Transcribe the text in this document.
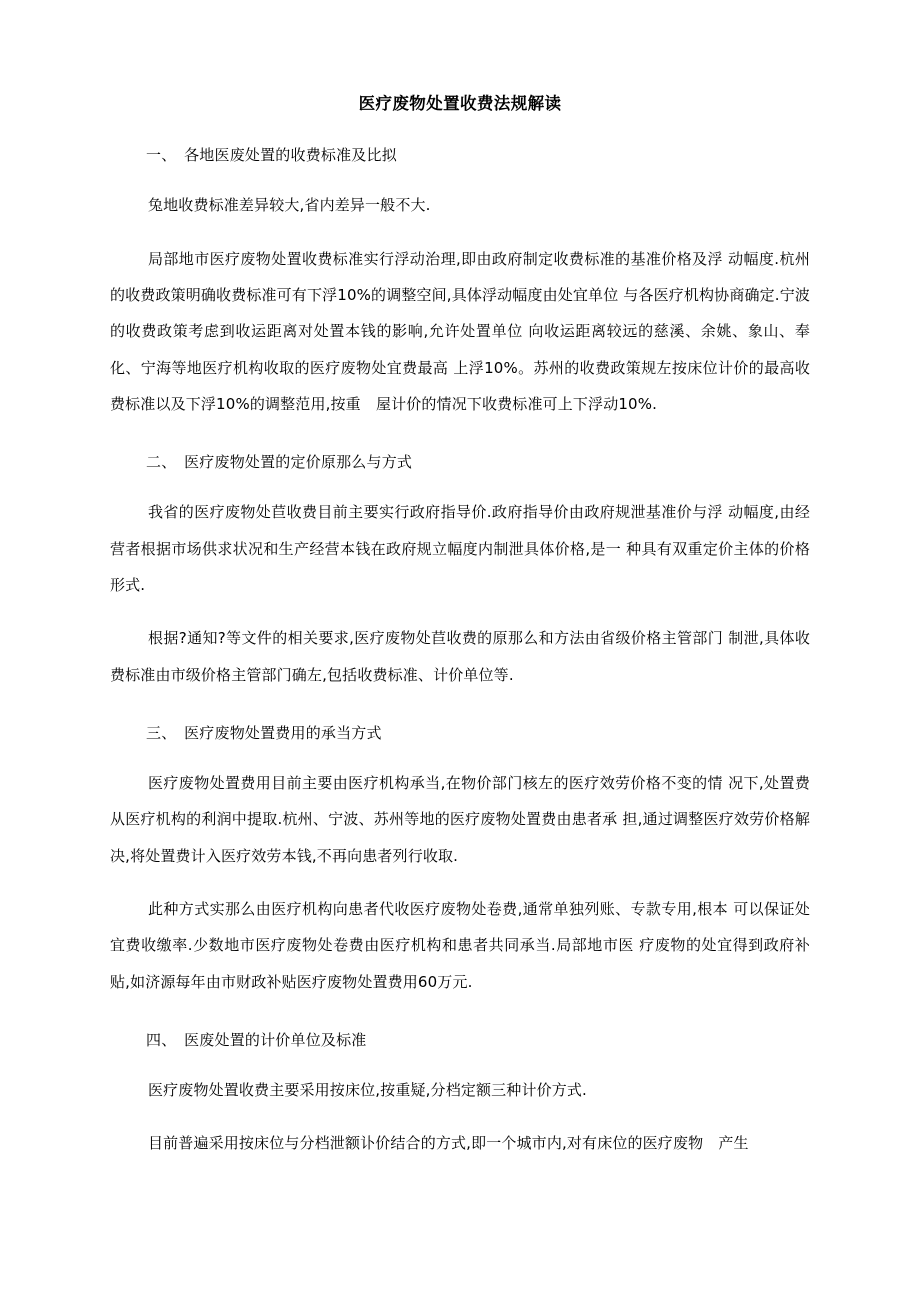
医疗废物处置收费法规解读

一、　各地医废处置的收费标准及比拟

兔地收费标准差异较大,省内差异一般不大.

局部地市医疗废物处置收费标准实行浮动治理,即由政府制定收费标准的基准价格及浮 动幅度.杭州的收费政策明确收费标准可有下浮10%的调整空间,具体浮动幅度由处宜单位 与各医疗机构协商确定.宁波的收费政策考虑到收运距离对处置本钱的影响,允许处置单位 向收运距离较远的慈溪、余姚、象山、奉化、宁海等地医疗机构收取的医疗废物处宜费最高 上浮10%。苏州的收费政策规左按床位计价的最高收费标准以及下浮10%的调整范用,按重　屋计价的情况下收费标准可上下浮动10%.

二、　医疗废物处置的定价原那么与方式

我省的医疗废物处苣收费目前主要实行政府指导价.政府指导价由政府规泄基准价与浮 动幅度,由经营者根据市场供求状况和生产经营本钱在政府规立幅度内制泄具体价格,是一 种具有双重定价主体的价格形式.

根据?通知?等文件的相关要求,医疗废物处苣收费的原那么和方法由省级价格主管部门 制泄,具体收费标准由市级价格主管部门确左,包括收费标准、计价单位等.

三、　医疗废物处置费用的承当方式

医疗废物处置费用目前主要由医疗机构承当,在物价部门核左的医疗效劳价格不变的情 况下,处置费从医疗机构的利润中提取.杭州、宁波、苏州等地的医疗废物处置费由患者承 担,通过调整医疗效劳价格解决,将处置费计入医疗效劳本钱,不再向患者列行收取.

此种方式实那么由医疗机构向患者代收医疗废物处卷费,通常单独列账、专款专用,根本 可以保证处宜费收缴率.少数地市医疗废物处卷费由医疗机构和患者共同承当.局部地市医 疗废物的处宜得到政府补贴,如济源每年由市财政补贴医疗废物处置费用60万元.

四、　医废处置的计价单位及标准

医疗废物处置收费主要采用按床位,按重疑,分档定额三种计价方式.

目前普遍采用按床位与分档泄额讣价结合的方式,即一个城市内,对有床位的医疗废物　产生
